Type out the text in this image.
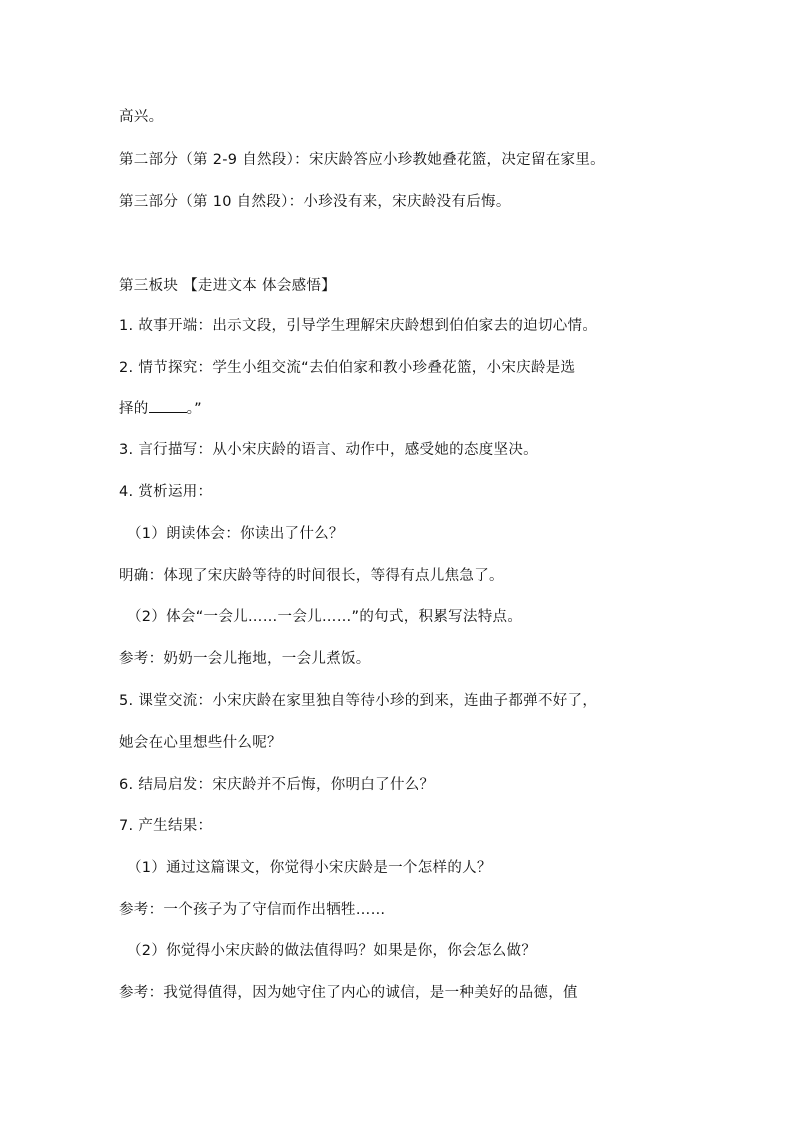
高兴。
第二部分（第 2-9 自然段）：宋庆龄答应小珍教她叠花篮，决定留在家里。
第三部分（第 10 自然段）：小珍没有来，宋庆龄没有后悔。
第三板块 【走进文本 体会感悟】
1. 故事开端：出示文段，引导学生理解宋庆龄想到伯伯家去的迫切心情。
2. 情节探究：学生小组交流“去伯伯家和教小珍叠花篮，小宋庆龄是选
择的	。”
3. 言行描写：从小宋庆龄的语言、动作中，感受她的态度坚决。
4. 赏析运用：
（1）朗读体会：你读出了什么？
明确：体现了宋庆龄等待的时间很长，等得有点儿焦急了。
（2）体会“一会儿……一会儿……”的句式，积累写法特点。
参考：奶奶一会儿拖地，一会儿煮饭。
5. 课堂交流：小宋庆龄在家里独自等待小珍的到来，连曲子都弹不好了，
她会在心里想些什么呢？
6. 结局启发：宋庆龄并不后悔，你明白了什么？
7. 产生结果：
（1）通过这篇课文，你觉得小宋庆龄是一个怎样的人？
参考：一个孩子为了守信而作出牺牲……
（2）你觉得小宋庆龄的做法值得吗？如果是你，你会怎么做？
参考：我觉得值得，因为她守住了内心的诚信，是一种美好的品德，值
